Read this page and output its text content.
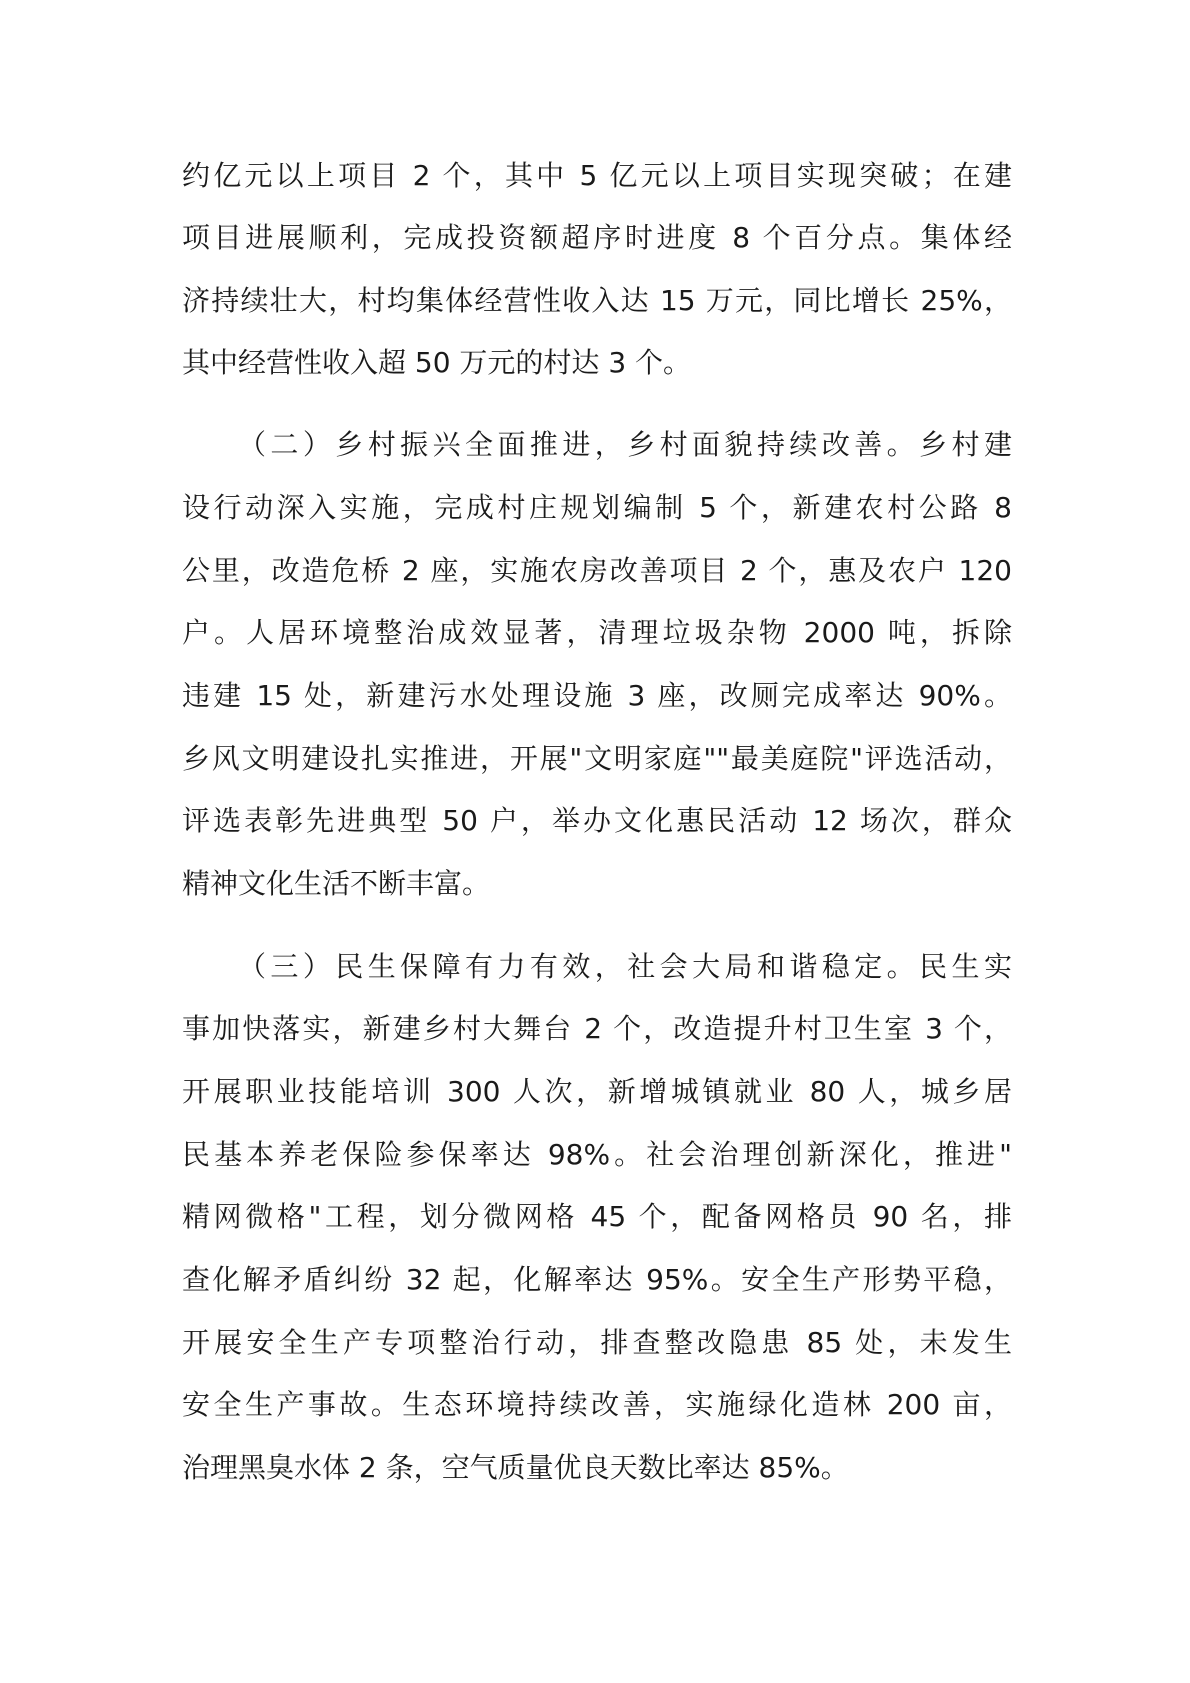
约亿元以上项目 2 个，其中 5 亿元以上项目实现突破；在建
项目进展顺利，完成投资额超序时进度 8 个百分点。集体经
济持续壮大，村均集体经营性收入达 15 万元，同比增长 25%，
其中经营性收入超 50 万元的村达 3 个。
（二）乡村振兴全面推进，乡村面貌持续改善。乡村建
设行动深入实施，完成村庄规划编制 5 个，新建农村公路 8
公里，改造危桥 2 座，实施农房改善项目 2 个，惠及农户 120
户。人居环境整治成效显著，清理垃圾杂物 2000 吨，拆除
违建 15 处，新建污水处理设施 3 座，改厕完成率达 90%。
乡风文明建设扎实推进，开展"文明家庭""最美庭院"评选活动，
评选表彰先进典型 50 户，举办文化惠民活动 12 场次，群众
精神文化生活不断丰富。
（三）民生保障有力有效，社会大局和谐稳定。民生实
事加快落实，新建乡村大舞台 2 个，改造提升村卫生室 3 个，
开展职业技能培训 300 人次，新增城镇就业 80 人，城乡居
民基本养老保险参保率达 98%。社会治理创新深化，推进"
精网微格"工程，划分微网格 45 个，配备网格员 90 名，排
查化解矛盾纠纷 32 起，化解率达 95%。安全生产形势平稳，
开展安全生产专项整治行动，排查整改隐患 85 处，未发生
安全生产事故。生态环境持续改善，实施绿化造林 200 亩，
治理黑臭水体 2 条，空气质量优良天数比率达 85%。
